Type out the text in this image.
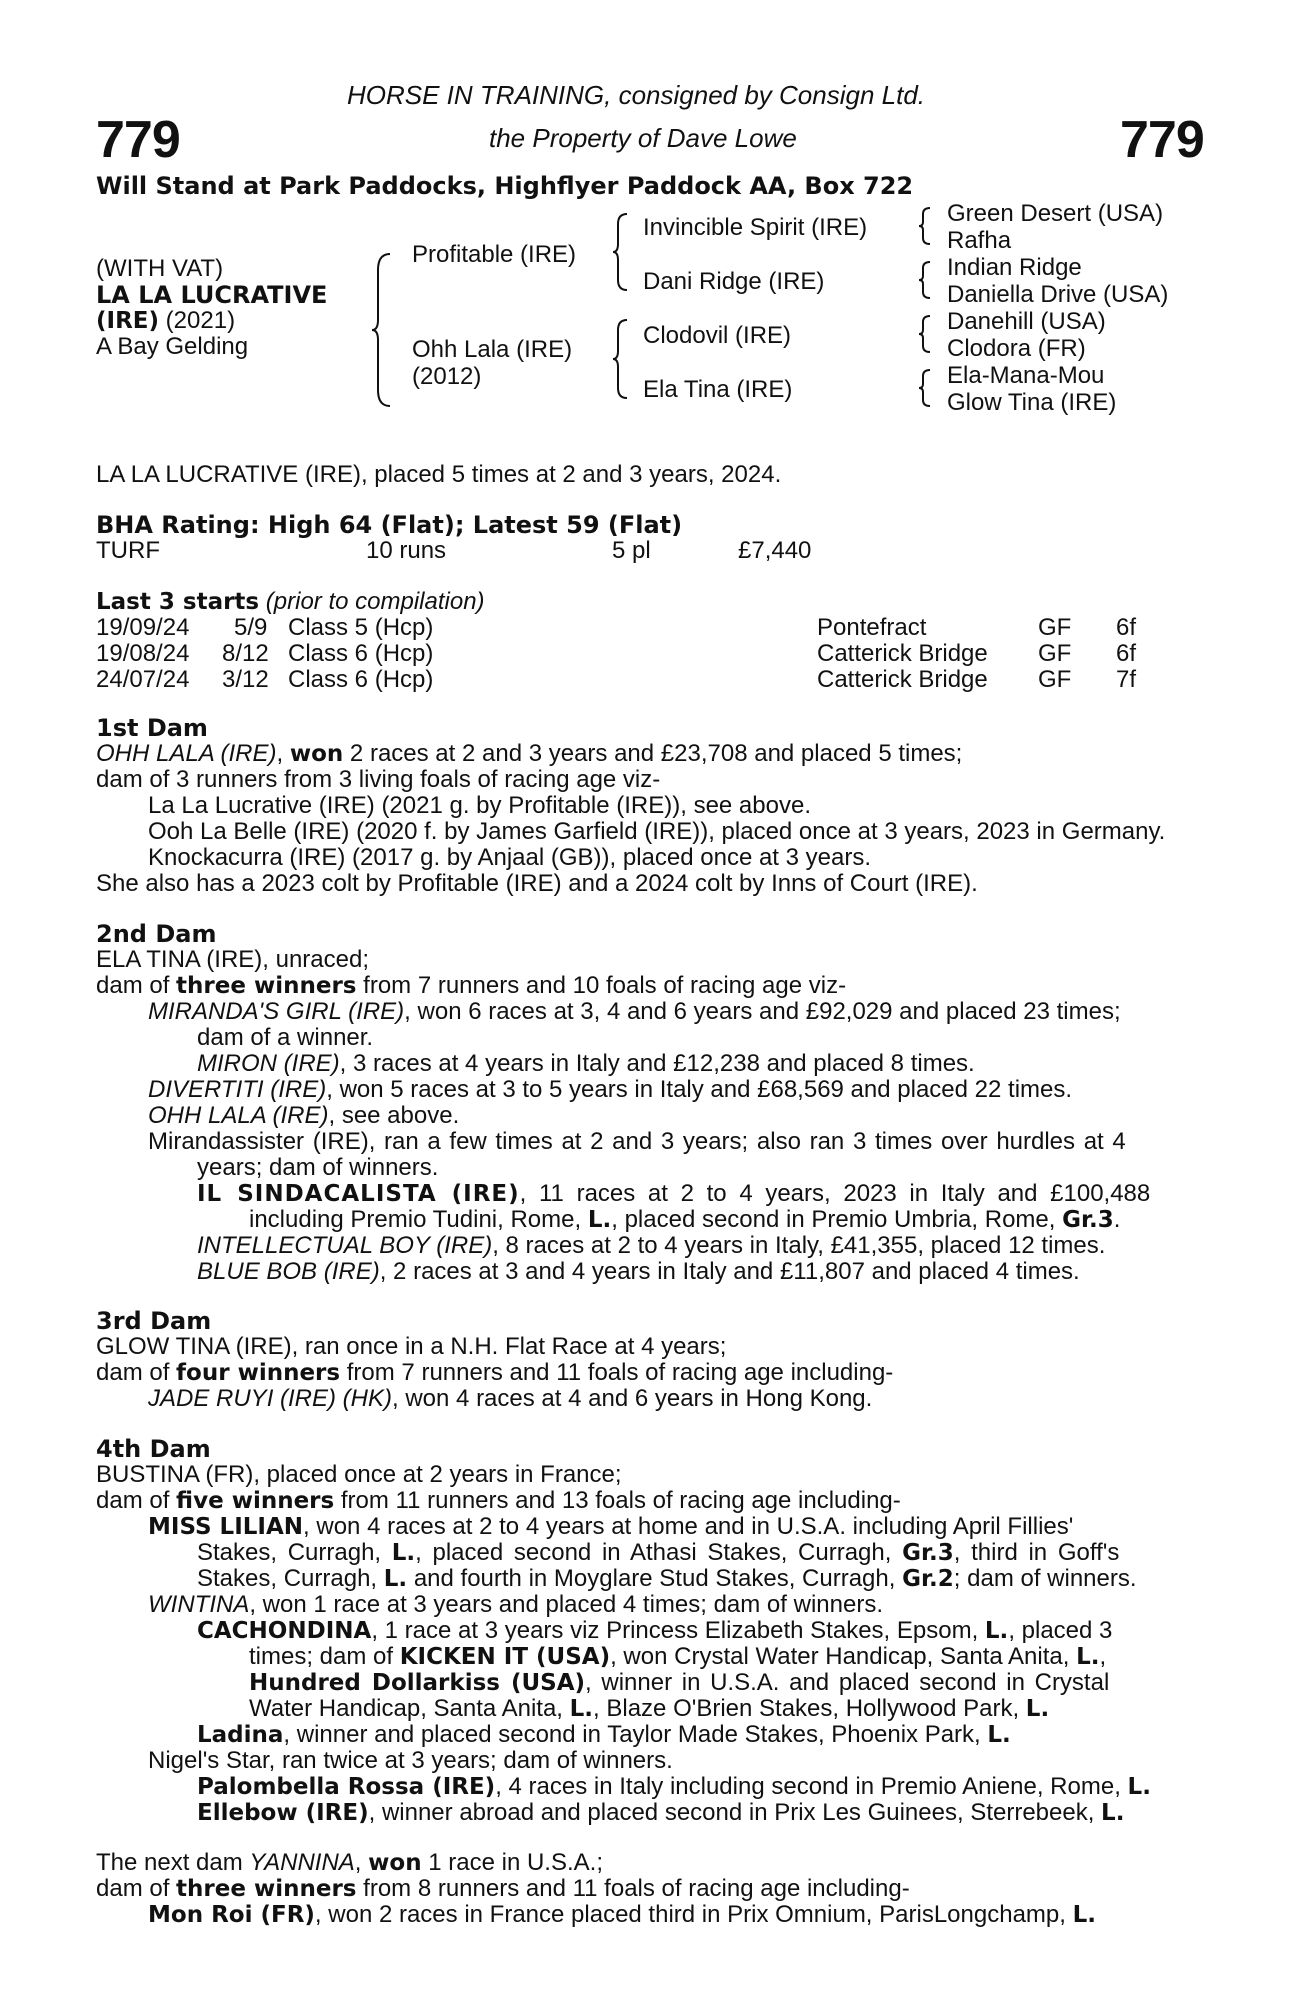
779	779
HORSE IN TRAINING, consigned by Consign Ltd.
the Property of Dave Lowe
Will Stand at Park Paddocks, Highflyer Paddock AA, Box 722
(WITH VAT)
LA LA LUCRATIVE
(IRE) (2021)
A Bay Gelding
Profitable (IRE)
Ohh Lala (IRE)
(2012)
Invincible Spirit (IRE)
Dani Ridge (IRE)
Clodovil (IRE)
Ela Tina (IRE)
Green Desert (USA)
Rafha
Indian Ridge
Daniella Drive (USA)
Danehill (USA)
Clodora (FR)
Ela-Mana-Mou
Glow Tina (IRE)
LA LA LUCRATIVE (IRE), placed 5 times at 2 and 3 years, 2024.
BHA Rating: High 64 (Flat); Latest 59 (Flat)
TURF	10 runs	5 pl	£7,440
Last 3 starts (prior to compilation)
19/09/24 5/9 Class 5 (Hcp)	Pontefract	GF 6f
19/08/24 8/12 Class 6 (Hcp)	Catterick Bridge GF 6f
24/07/24 3/12 Class 6 (Hcp)	Catterick Bridge GF 7f
1st Dam
OHH LALA (IRE), won 2 races at 2 and 3 years and £23,708 and placed 5 times;
dam of 3 runners from 3 living foals of racing age viz-
La La Lucrative (IRE) (2021 g. by Profitable (IRE)), see above.
Ooh La Belle (IRE) (2020 f. by James Garfield (IRE)), placed once at 3 years, 2023 in Germany.
Knockacurra (IRE) (2017 g. by Anjaal (GB)), placed once at 3 years.
She also has a 2023 colt by Profitable (IRE) and a 2024 colt by Inns of Court (IRE).
2nd Dam
ELA TINA (IRE), unraced;
dam of three winners from 7 runners and 10 foals of racing age viz-
MIRANDA'S GIRL (IRE), won 6 races at 3, 4 and 6 years and £92,029 and placed 23 times;
dam of a winner.
MIRON (IRE), 3 races at 4 years in Italy and £12,238 and placed 8 times.
DIVERTITI (IRE), won 5 races at 3 to 5 years in Italy and £68,569 and placed 22 times.
OHH LALA (IRE), see above.
Mirandassister (IRE), ran a few times at 2 and 3 years; also ran 3 times over hurdles at 4
years; dam of winners.
IL SINDACALISTA (IRE), 11 races at 2 to 4 years, 2023 in Italy and £100,488
including Premio Tudini, Rome, L., placed second in Premio Umbria, Rome, Gr.3.
INTELLECTUAL BOY (IRE), 8 races at 2 to 4 years in Italy, £41,355, placed 12 times.
BLUE BOB (IRE), 2 races at 3 and 4 years in Italy and £11,807 and placed 4 times.
3rd Dam
GLOW TINA (IRE), ran once in a N.H. Flat Race at 4 years;
dam of four winners from 7 runners and 11 foals of racing age including-
JADE RUYI (IRE) (HK), won 4 races at 4 and 6 years in Hong Kong.
4th Dam
BUSTINA (FR), placed once at 2 years in France;
dam of five winners from 11 runners and 13 foals of racing age including-
MISS LILIAN, won 4 races at 2 to 4 years at home and in U.S.A. including April Fillies'
Stakes, Curragh, L., placed second in Athasi Stakes, Curragh, Gr.3, third in Goff's
Stakes, Curragh, L. and fourth in Moyglare Stud Stakes, Curragh, Gr.2; dam of winners.
WINTINA, won 1 race at 3 years and placed 4 times; dam of winners.
CACHONDINA, 1 race at 3 years viz Princess Elizabeth Stakes, Epsom, L., placed 3
times; dam of KICKEN IT (USA), won Crystal Water Handicap, Santa Anita, L.,
Hundred Dollarkiss (USA), winner in U.S.A. and placed second in Crystal
Water Handicap, Santa Anita, L., Blaze O'Brien Stakes, Hollywood Park, L.
Ladina, winner and placed second in Taylor Made Stakes, Phoenix Park, L.
Nigel's Star, ran twice at 3 years; dam of winners.
Palombella Rossa (IRE), 4 races in Italy including second in Premio Aniene, Rome, L.
Ellebow (IRE), winner abroad and placed second in Prix Les Guinees, Sterrebeek, L.
The next dam YANNINA, won 1 race in U.S.A.;
dam of three winners from 8 runners and 11 foals of racing age including-
Mon Roi (FR), won 2 races in France placed third in Prix Omnium, ParisLongchamp, L.
